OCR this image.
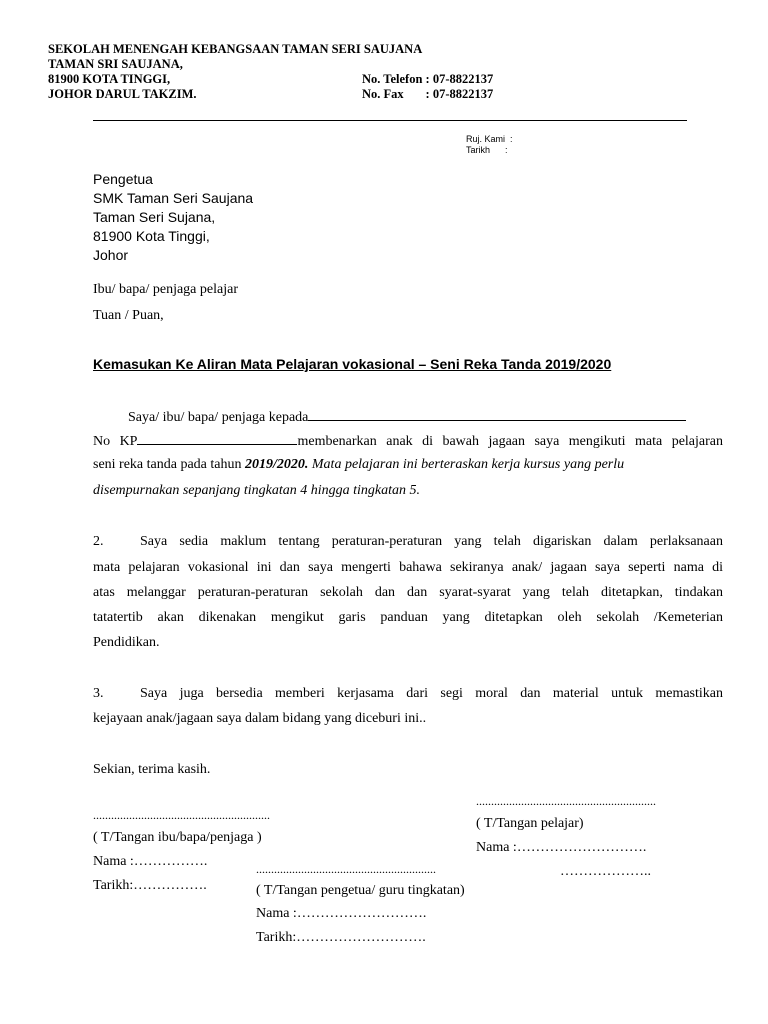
SEKOLAH MENENGAH KEBANGSAAN TAMAN SERI SAUJANA
TAMAN SRI SAUJANA,
81900 KOTA TINGGI,
JOHOR DARUL TAKZIM.
No. Telefon : 07-8822137
No. Fax       : 07-8822137
Ruj. Kami  :
Tarikh      :
Pengetua
SMK Taman Seri Saujana
Taman Seri Sujana,
81900 Kota Tinggi,
Johor
Ibu/ bapa/ penjaga pelajar
Tuan / Puan,
Kemasukan Ke Aliran Mata Pelajaran vokasional – Seni Reka Tanda 2019/2020
Saya/ ibu/ bapa/ penjaga kepada
No KP	membenarkan anak di bawah jagaan saya mengikuti mata pelajaran
seni reka tanda pada tahun 2019/2020. Mata pelajaran ini berteraskan kerja kursus yang perlu
disempurnakan sepanjang tingkatan 4 hingga tingkatan 5.
2.	Saya sedia maklum tentang peraturan-peraturan yang telah digariskan dalam perlaksanaan
mata pelajaran vokasional ini dan saya mengerti bahawa sekiranya anak/ jagaan saya seperti nama di
atas melanggar peraturan-peraturan sekolah dan dan syarat-syarat yang telah ditetapkan, tindakan
tatatertib akan dikenakan mengikut garis panduan yang ditetapkan oleh sekolah /Kemeterian
Pendidikan.
3.	Saya juga bersedia memberi kerjasama dari segi moral dan material untuk memastikan
kejayaan anak/jagaan saya dalam bidang yang diceburi ini..
Sekian, terima kasih.
...........................................................
( T/Tangan ibu/bapa/penjaga )
Nama :…………….
Tarikh:…………….
............................................................
( T/Tangan pelajar)
Nama :……………………….
………………..
............................................................
( T/Tangan pengetua/ guru tingkatan)
Nama :……………………….
Tarikh:……………………….
